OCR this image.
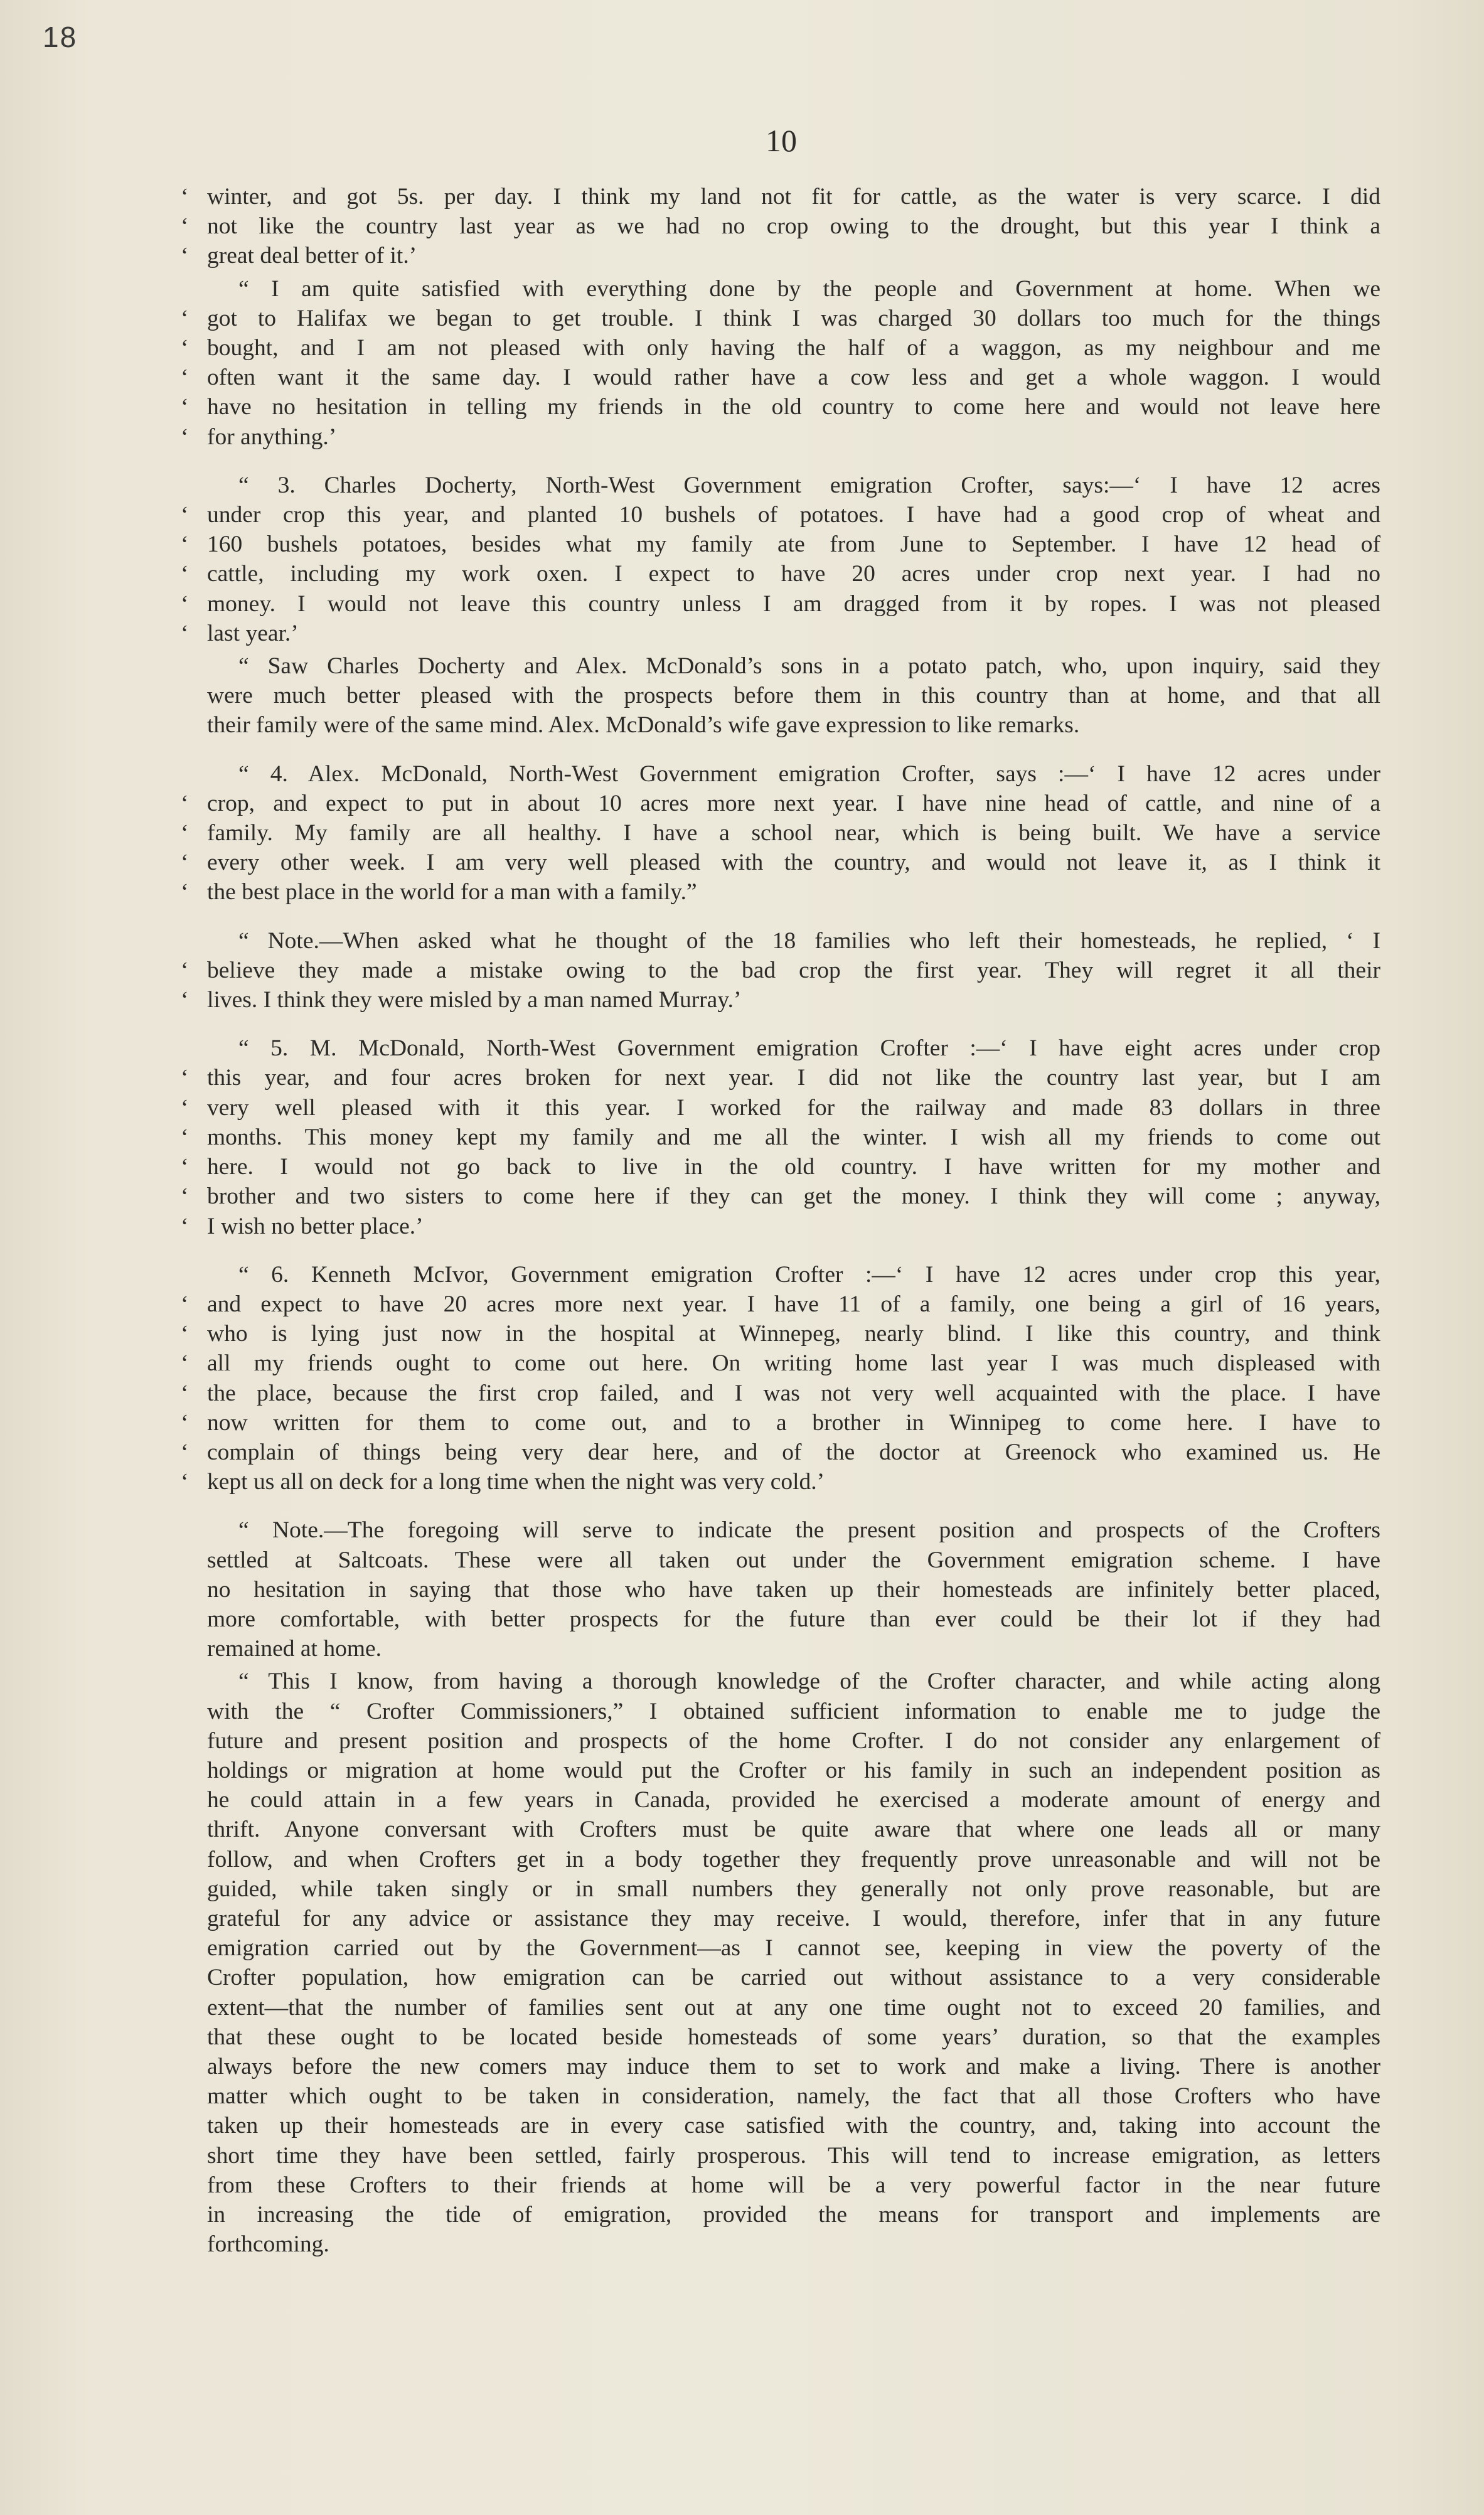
18
10
‘ winter, and got 5s. per day. I think my land not fit for cattle, as the water is very scarce. I did
‘ not like the country last year as we had no crop owing to the drought, but this year I think a
‘ great deal better of it.’
“ I am quite satisfied with everything done by the people and Government at home. When we
‘ got to Halifax we began to get trouble. I think I was charged 30 dollars too much for the things
‘ bought, and I am not pleased with only having the half of a waggon, as my neighbour and me
‘ often want it the same day. I would rather have a cow less and get a whole waggon. I would
‘ have no hesitation in telling my friends in the old country to come here and would not leave here
‘ for anything.’
“ 3. Charles Docherty, North-West Government emigration Crofter, says:—‘ I have 12 acres
‘ under crop this year, and planted 10 bushels of potatoes. I have had a good crop of wheat and
‘ 160 bushels potatoes, besides what my family ate from June to September. I have 12 head of
‘ cattle, including my work oxen. I expect to have 20 acres under crop next year. I had no
‘ money. I would not leave this country unless I am dragged from it by ropes. I was not pleased
‘ last year.’
“ Saw Charles Docherty and Alex. McDonald’s sons in a potato patch, who, upon inquiry, said they
were much better pleased with the prospects before them in this country than at home, and that all
their family were of the same mind. Alex. McDonald’s wife gave expression to like remarks.
“ 4. Alex. McDonald, North-West Government emigration Crofter, says :—‘ I have 12 acres under
‘ crop, and expect to put in about 10 acres more next year. I have nine head of cattle, and nine of a
‘ family. My family are all healthy. I have a school near, which is being built. We have a service
‘ every other week. I am very well pleased with the country, and would not leave it, as I think it
‘ the best place in the world for a man with a family.”
“ Note.—When asked what he thought of the 18 families who left their homesteads, he replied, ‘ I
‘ believe they made a mistake owing to the bad crop the first year. They will regret it all their
‘ lives. I think they were misled by a man named Murray.’
“ 5. M. McDonald, North-West Government emigration Crofter :—‘ I have eight acres under crop
‘ this year, and four acres broken for next year. I did not like the country last year, but I am
‘ very well pleased with it this year. I worked for the railway and made 83 dollars in three
‘ months. This money kept my family and me all the winter. I wish all my friends to come out
‘ here. I would not go back to live in the old country. I have written for my mother and
‘ brother and two sisters to come here if they can get the money. I think they will come ; anyway,
‘ I wish no better place.’
“ 6. Kenneth McIvor, Government emigration Crofter :—‘ I have 12 acres under crop this year,
‘ and expect to have 20 acres more next year. I have 11 of a family, one being a girl of 16 years,
‘ who is lying just now in the hospital at Winnepeg, nearly blind. I like this country, and think
‘ all my friends ought to come out here. On writing home last year I was much displeased with
‘ the place, because the first crop failed, and I was not very well acquainted with the place. I have
‘ now written for them to come out, and to a brother in Winnipeg to come here. I have to
‘ complain of things being very dear here, and of the doctor at Greenock who examined us. He
‘ kept us all on deck for a long time when the night was very cold.’
“ Note.—The foregoing will serve to indicate the present position and prospects of the Crofters
settled at Saltcoats. These were all taken out under the Government emigration scheme. I have
no hesitation in saying that those who have taken up their homesteads are infinitely better placed,
more comfortable, with better prospects for the future than ever could be their lot if they had
remained at home.
“ This I know, from having a thorough knowledge of the Crofter character, and while acting along
with the “ Crofter Commissioners,” I obtained sufficient information to enable me to judge the
future and present position and prospects of the home Crofter. I do not consider any enlargement of
holdings or migration at home would put the Crofter or his family in such an independent position as
he could attain in a few years in Canada, provided he exercised a moderate amount of energy and
thrift. Anyone conversant with Crofters must be quite aware that where one leads all or many
follow, and when Crofters get in a body together they frequently prove unreasonable and will not be
guided, while taken singly or in small numbers they generally not only prove reasonable, but are
grateful for any advice or assistance they may receive. I would, therefore, infer that in any future
emigration carried out by the Government—as I cannot see, keeping in view the poverty of the
Crofter population, how emigration can be carried out without assistance to a very considerable
extent—that the number of families sent out at any one time ought not to exceed 20 families, and
that these ought to be located beside homesteads of some years’ duration, so that the examples
always before the new comers may induce them to set to work and make a living. There is another
matter which ought to be taken in consideration, namely, the fact that all those Crofters who have
taken up their homesteads are in every case satisfied with the country, and, taking into account the
short time they have been settled, fairly prosperous. This will tend to increase emigration, as letters
from these Crofters to their friends at home will be a very powerful factor in the near future
in increasing the tide of emigration, provided the means for transport and implements are
forthcoming.
